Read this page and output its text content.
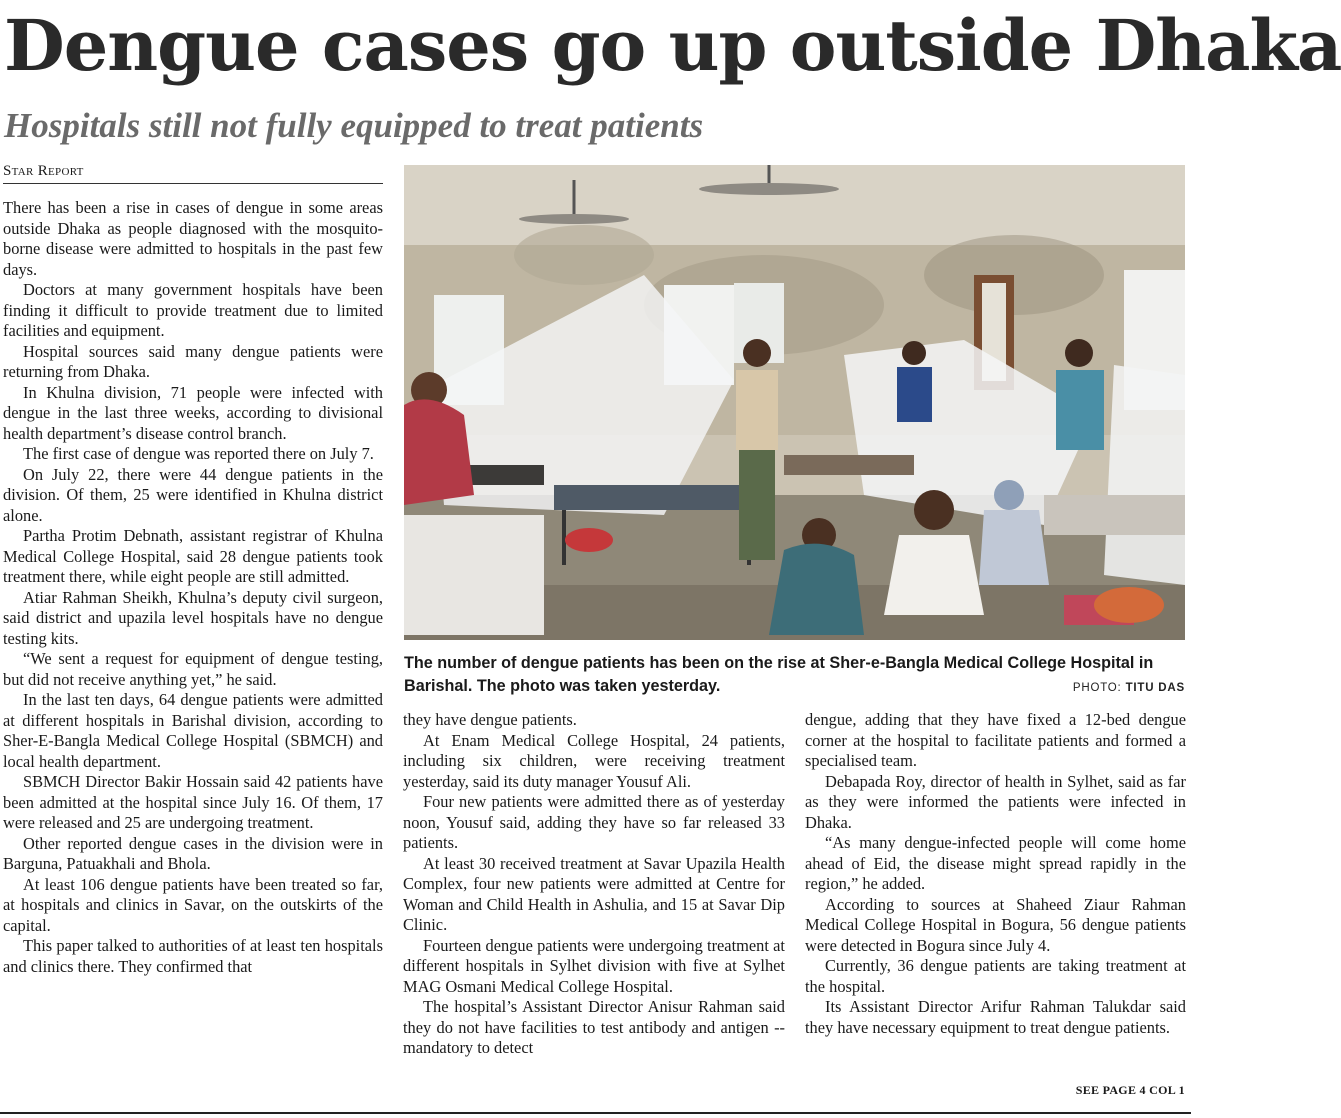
Dengue cases go up outside Dhaka
Hospitals still not fully equipped to treat patients
Star Report

There has been a rise in cases of dengue in some areas outside Dhaka as people diagnosed with the mosquito-borne disease were admitted to hospitals in the past few days.

Doctors at many government hospitals have been finding it difficult to provide treatment due to limited facilities and equipment.

Hospital sources said many dengue patients were returning from Dhaka.

In Khulna division, 71 people were infected with dengue in the last three weeks, according to divisional health department’s disease control branch.

The first case of dengue was reported there on July 7.

On July 22, there were 44 dengue patients in the division. Of them, 25 were identified in Khulna district alone.

Partha Protim Debnath, assistant registrar of Khulna Medical College Hospital, said 28 dengue patients took treatment there, while eight people are still admitted.

Atiar Rahman Sheikh, Khulna’s deputy civil surgeon, said district and upazila level hospitals have no dengue testing kits.

“We sent a request for equipment of dengue testing, but did not receive anything yet,” he said.

In the last ten days, 64 dengue patients were admitted at different hospitals in Barishal division, according to Sher-E-Bangla Medical College Hospital (SBMCH) and local health department.

SBMCH Director Bakir Hossain said 42 patients have been admitted at the hospital since July 16. Of them, 17 were released and 25 are undergoing treatment.

Other reported dengue cases in the division were in Barguna, Patuakhali and Bhola.

At least 106 dengue patients have been treated so far, at hospitals and clinics in Savar, on the outskirts of the capital.

This paper talked to authorities of at least ten hospitals and clinics there. They confirmed that

The number of dengue patients has been on the rise at Sher-e-Bangla Medical College Hospital in Barishal. The photo was taken yesterday.	PHOTO: TITU DAS

they have dengue patients.

At Enam Medical College Hospital, 24 patients, including six children, were receiving treatment yesterday, said its duty manager Yousuf Ali.

Four new patients were admitted there as of yesterday noon, Yousuf said, adding they have so far released 33 patients.

At least 30 received treatment at Savar Upazila Health Complex, four new patients were admitted at Centre for Woman and Child Health in Ashulia, and 15 at Savar Dip Clinic.

Fourteen dengue patients were undergoing treatment at different hospitals in Sylhet division with five at Sylhet MAG Osmani Medical College Hospital.

The hospital’s Assistant Director Anisur Rahman said they do not have facilities to test antibody and antigen -- mandatory to detect

dengue, adding that they have fixed a 12-bed dengue corner at the hospital to facilitate patients and formed a specialised team.

Debapada Roy, director of health in Sylhet, said as far as they were informed the patients were infected in Dhaka.

“As many dengue-infected people will come home ahead of Eid, the disease might spread rapidly in the region,” he added.

According to sources at Shaheed Ziaur Rahman Medical College Hospital in Bogura, 56 dengue patients were detected in Bogura since July 4.

Currently, 36 dengue patients are taking treatment at the hospital.

Its Assistant Director Arifur Rahman Talukdar said they have necessary equipment to treat dengue patients.

SEE PAGE 4 COL 1
